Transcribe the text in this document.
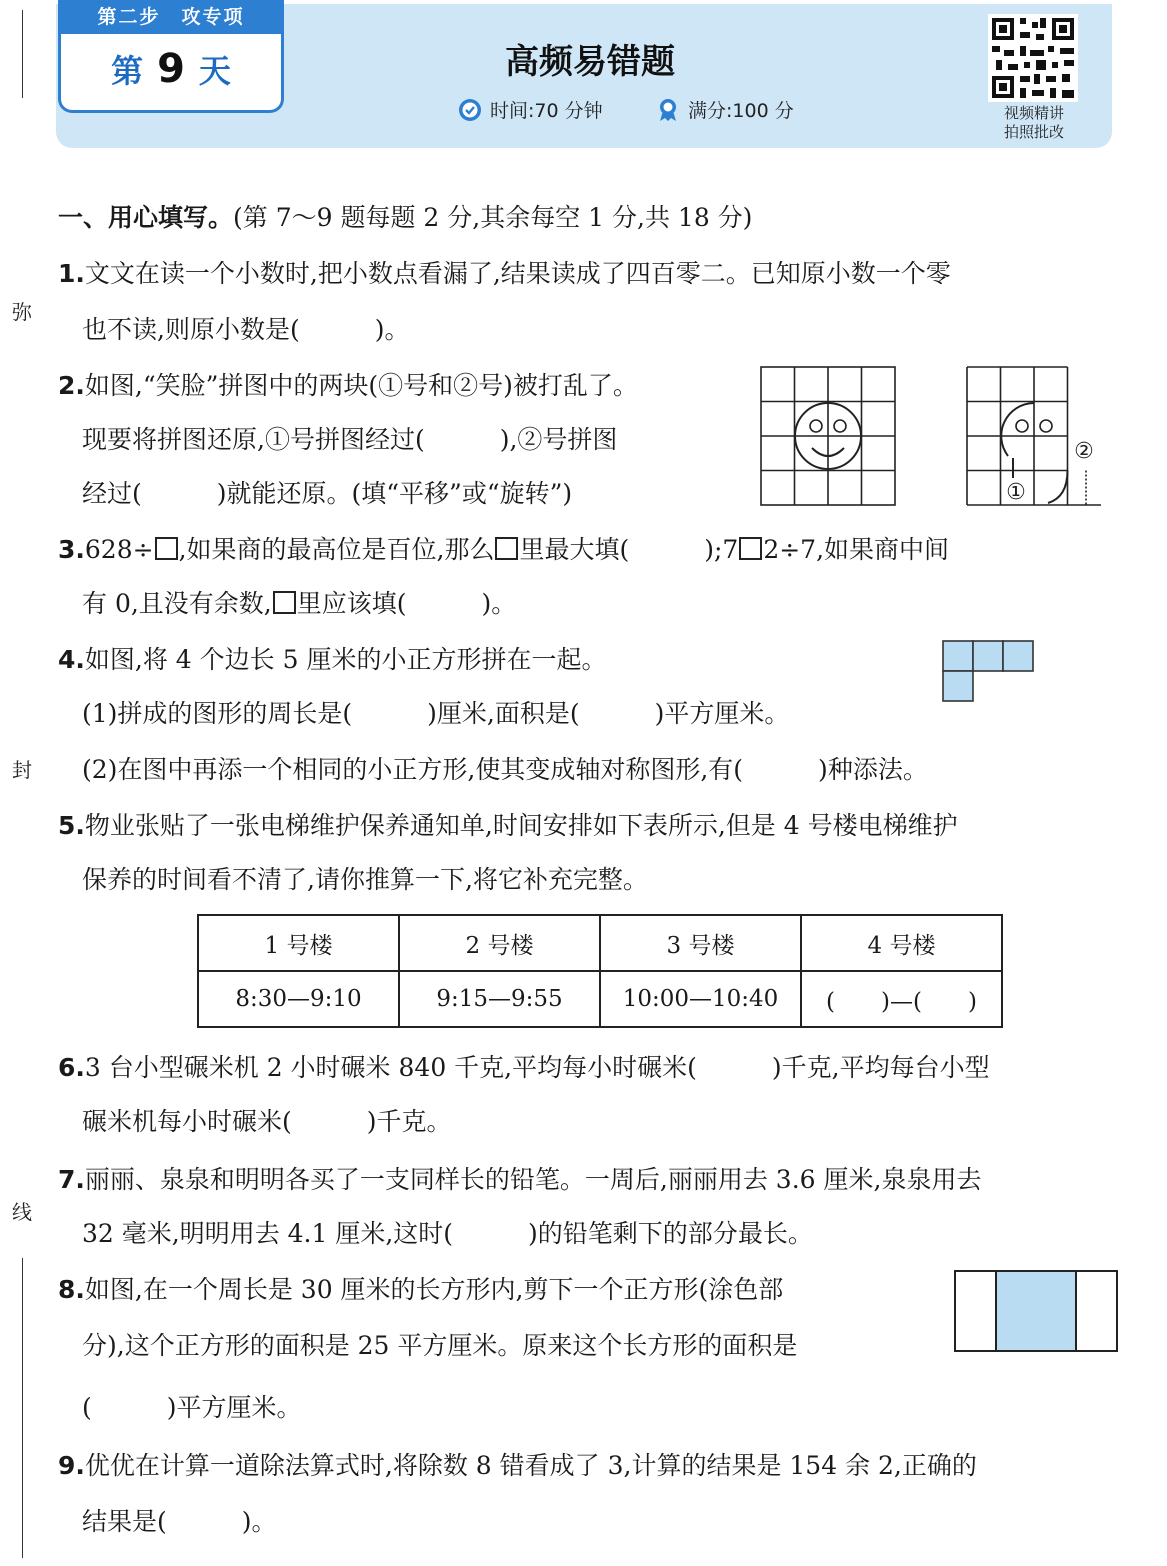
第二步　攻专项
第 9 天	高频易错题
时间:70 分钟	满分:100 分	视频精讲
拍照批改
弥
封
线
一、用心填写。(第 7～9 题每题 2 分,其余每空 1 分,共 18 分)
1.文文在读一个小数时,把小数点看漏了,结果读成了四百零二。已知原小数一个零
也不读,则原小数是(　　　)。
2.如图,“笑脸”拼图中的两块(①号和②号)被打乱了。
现要将拼图还原,①号拼图经过(　　　),②号拼图
经过(　　　)就能还原。(填“平移”或“旋转”)	①
②
3.628÷ ,如果商的最高位是百位,那么 里最大填(　　　);7 2÷7,如果商中间
有 0,且没有余数, 里应该填(　　　)。
4.如图,将 4 个边长 5 厘米的小正方形拼在一起。
(1)拼成的图形的周长是(　　　)厘米,面积是(　　　)平方厘米。
(2)在图中再添一个相同的小正方形,使其变成轴对称图形,有(　　　)种添法。
5.物业张贴了一张电梯维护保养通知单,时间安排如下表所示,但是 4 号楼电梯维护
保养的时间看不清了,请你推算一下,将它补充完整。
1 号楼	2 号楼	3 号楼	4 号楼
8:30—9:10	9:15—9:55	10:00—10:40	(　　)—(　　)
6.3 台小型碾米机 2 小时碾米 840 千克,平均每小时碾米(　　　)千克,平均每台小型
碾米机每小时碾米(　　　)千克。
7.丽丽、泉泉和明明各买了一支同样长的铅笔。一周后,丽丽用去 3.6 厘米,泉泉用去
32 毫米,明明用去 4.1 厘米,这时(　　　)的铅笔剩下的部分最长。
8.如图,在一个周长是 30 厘米的长方形内,剪下一个正方形(涂色部
分),这个正方形的面积是 25 平方厘米。原来这个长方形的面积是
(　　　)平方厘米。
9.优优在计算一道除法算式时,将除数 8 错看成了 3,计算的结果是 154 余 2,正确的
结果是(　　　)。
